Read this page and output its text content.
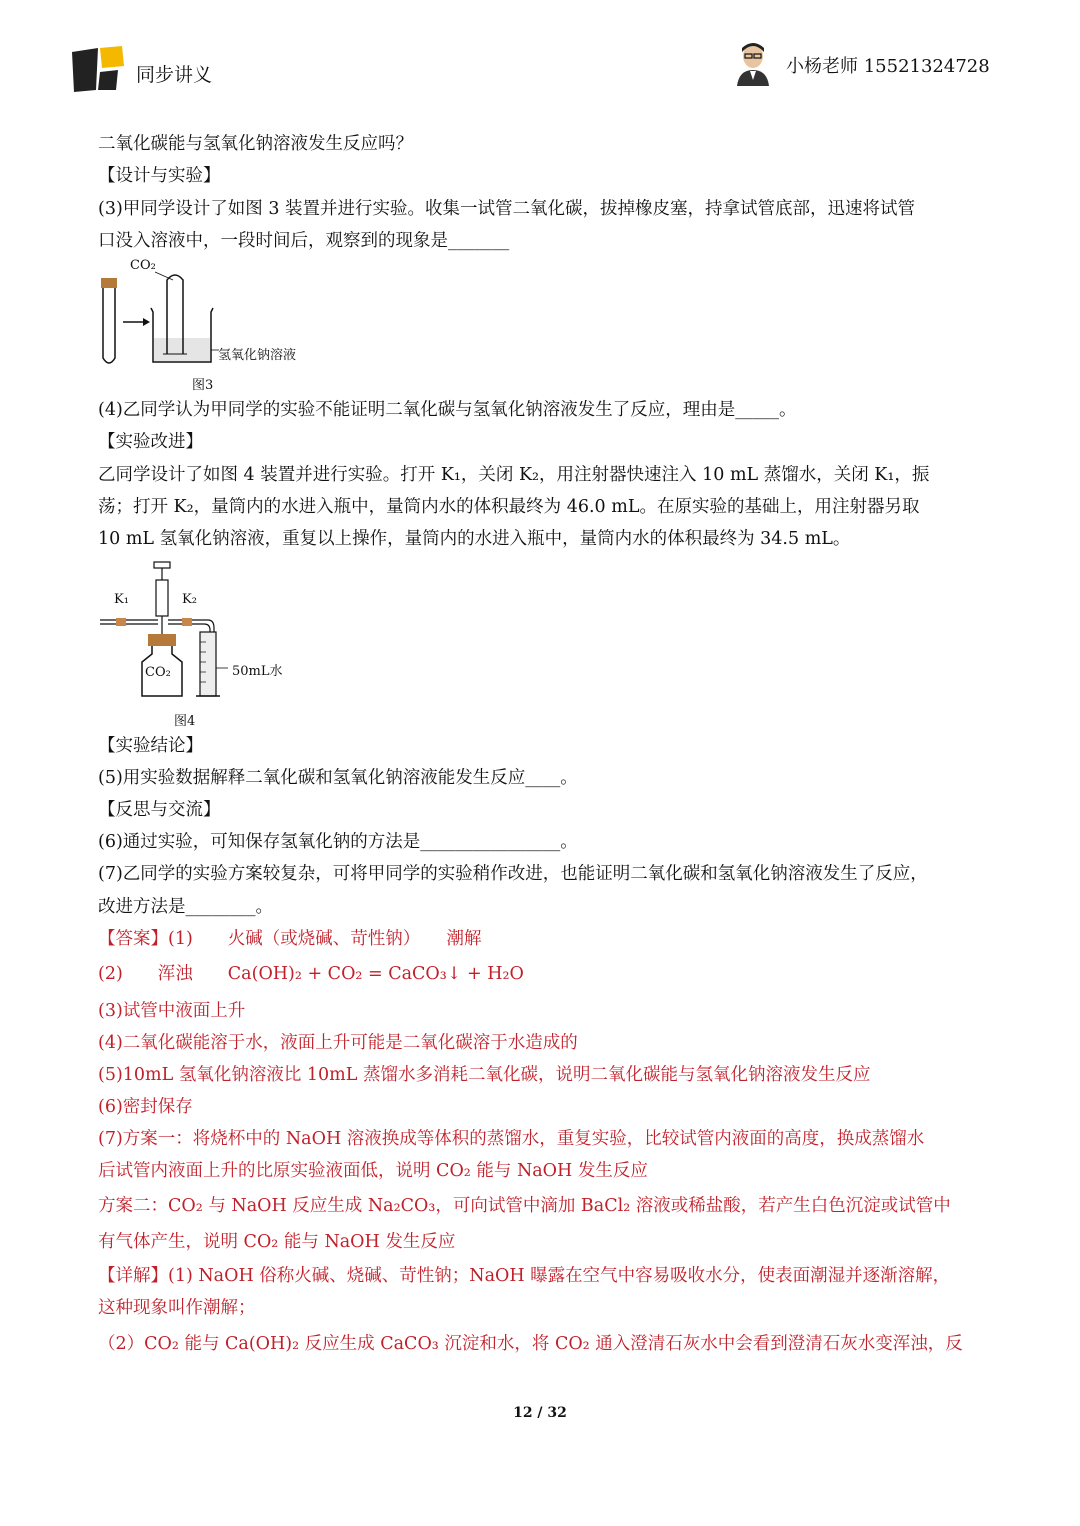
同步讲义	小杨老师 15521324728
二氧化碳能与氢氧化钠溶液发生反应吗？
【设计与实验】
(3)甲同学设计了如图 3 装置并进行实验。收集一试管二氧化碳，拔掉橡皮塞，持拿试管底部，迅速将试管
口没入溶液中，一段时间后，观察到的现象是_______
CO₂
氢氧化钠溶液
图3
(4)乙同学认为甲同学的实验不能证明二氧化碳与氢氧化钠溶液发生了反应，理由是_____。
【实验改进】
乙同学设计了如图 4 装置并进行实验。打开 K₁，关闭 K₂，用注射器快速注入 10 mL 蒸馏水，关闭 K₁，振
荡；打开 K₂，量筒内的水进入瓶中，量筒内水的体积最终为 46.0 mL。在原实验的基础上，用注射器另取
10 mL 氢氧化钠溶液，重复以上操作，量筒内的水进入瓶中，量筒内水的体积最终为 34.5 mL。
K₁	K₂
CO₂	50mL水
图4
【实验结论】
(5)用实验数据解释二氧化碳和氢氧化钠溶液能发生反应____。
【反思与交流】
(6)通过实验，可知保存氢氧化钠的方法是________________。
(7)乙同学的实验方案较复杂，可将甲同学的实验稍作改进，也能证明二氧化碳和氢氧化钠溶液发生了反应，
改进方法是________。
【答案】(1)　　火碱（或烧碱、苛性钠）　　潮解
(2)　　浑浊　　Ca(OH)₂ + CO₂ = CaCO₃↓ + H₂O
(3)试管中液面上升
(4)二氧化碳能溶于水，液面上升可能是二氧化碳溶于水造成的
(5)10mL 氢氧化钠溶液比 10mL 蒸馏水多消耗二氧化碳，说明二氧化碳能与氢氧化钠溶液发生反应
(6)密封保存
(7)方案一：将烧杯中的 NaOH 溶液换成等体积的蒸馏水，重复实验，比较试管内液面的高度，换成蒸馏水
后试管内液面上升的比原实验液面低，说明 CO₂ 能与 NaOH 发生反应
方案二：CO₂ 与 NaOH 反应生成 Na₂CO₃，可向试管中滴加 BaCl₂ 溶液或稀盐酸，若产生白色沉淀或试管中
有气体产生，说明 CO₂ 能与 NaOH 发生反应
【详解】(1) NaOH 俗称火碱、烧碱、苛性钠；NaOH 曝露在空气中容易吸收水分，使表面潮湿并逐渐溶解，
这种现象叫作潮解；
（2）CO₂ 能与 Ca(OH)₂ 反应生成 CaCO₃ 沉淀和水，将 CO₂ 通入澄清石灰水中会看到澄清石灰水变浑浊，反
12 / 32
